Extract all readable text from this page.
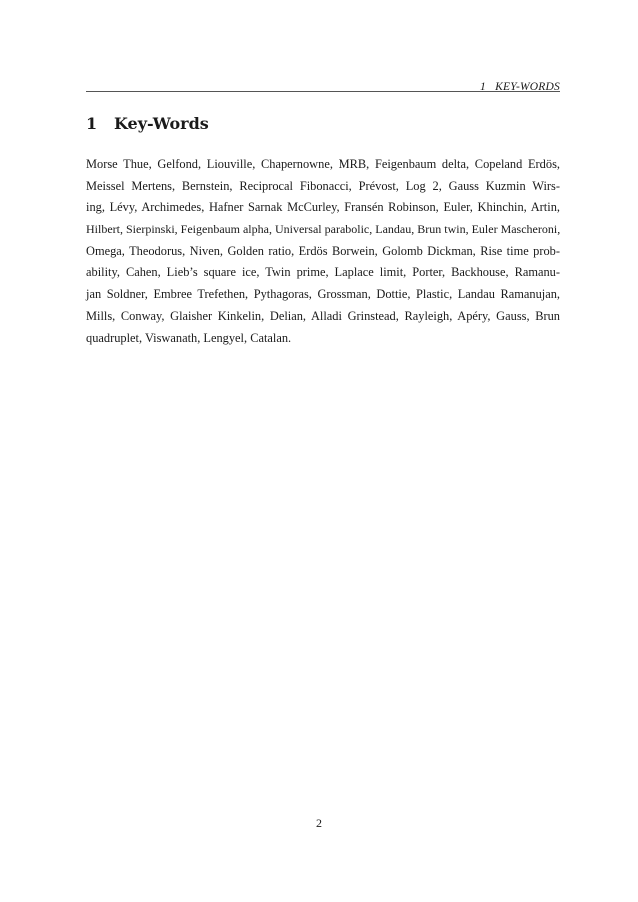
1 KEY-WORDS
1 Key-Words

Morse Thue, Gelfond, Liouville, Chapernowne, MRB, Feigenbaum delta, Copeland Erdös,
Meissel Mertens, Bernstein, Reciprocal Fibonacci, Prévost, Log 2, Gauss Kuzmin Wirs-
ing, Lévy, Archimedes, Hafner Sarnak McCurley, Fransén Robinson, Euler, Khinchin, Artin,
Hilbert, Sierpinski, Feigenbaum alpha, Universal parabolic, Landau, Brun twin, Euler Mascheroni,
Omega, Theodorus, Niven, Golden ratio, Erdös Borwein, Golomb Dickman, Rise time prob-
ability, Cahen, Lieb’s square ice, Twin prime, Laplace limit, Porter, Backhouse, Ramanu-
jan Soldner, Embree Trefethen, Pythagoras, Grossman, Dottie, Plastic, Landau Ramanujan,
Mills, Conway, Glaisher Kinkelin, Delian, Alladi Grinstead, Rayleigh, Apéry, Gauss, Brun
quadruplet, Viswanath, Lengyel, Catalan.

2
